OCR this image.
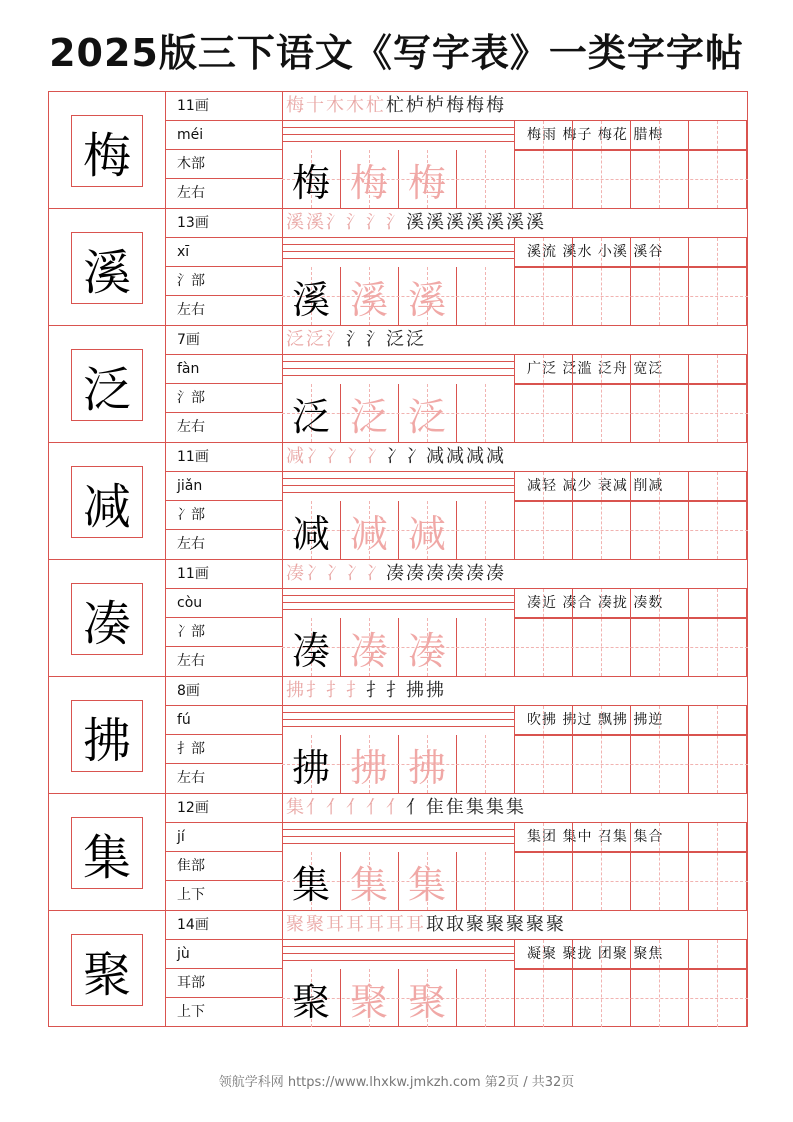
2025版三下语文《写字表》一类字字帖
梅
11画
méi
木部
左右
梅十木木杧杧栌栌梅梅梅
梅雨 梅子 梅花 腊梅
梅 梅 梅
溪
13画
xī
氵部
左右
溪溪氵氵氵氵溪溪溪溪溪溪溪
溪流 溪水 小溪 溪谷
溪 溪 溪
泛
7画
fàn
氵部
左右
泛泛氵氵氵泛泛
广泛 泛滥 泛舟 宽泛
泛 泛 泛
减
11画
jiǎn
冫部
左右
减冫冫冫冫冫冫减减减减
减轻 减少 衰减 削减
减 减 减
凑
11画
còu
冫部
左右
凑冫冫冫冫凑凑凑凑凑凑
凑近 凑合 凑拢 凑数
凑 凑 凑
拂
8画
fú
扌部
左右
拂扌扌扌扌扌拂拂
吹拂 拂过 飘拂 拂逆
拂 拂 拂
集
12画
jí
隹部
上下
集亻亻亻亻亻亻隹隹集集集
集团 集中 召集 集合
集 集 集
聚
14画
jù
耳部
上下
聚聚耳耳耳耳耳取取聚聚聚聚聚
凝聚 聚拢 团聚 聚焦
聚 聚 聚
领航学科网 https://www.lhxkw.jmkzh.com 第2页 / 共32页
